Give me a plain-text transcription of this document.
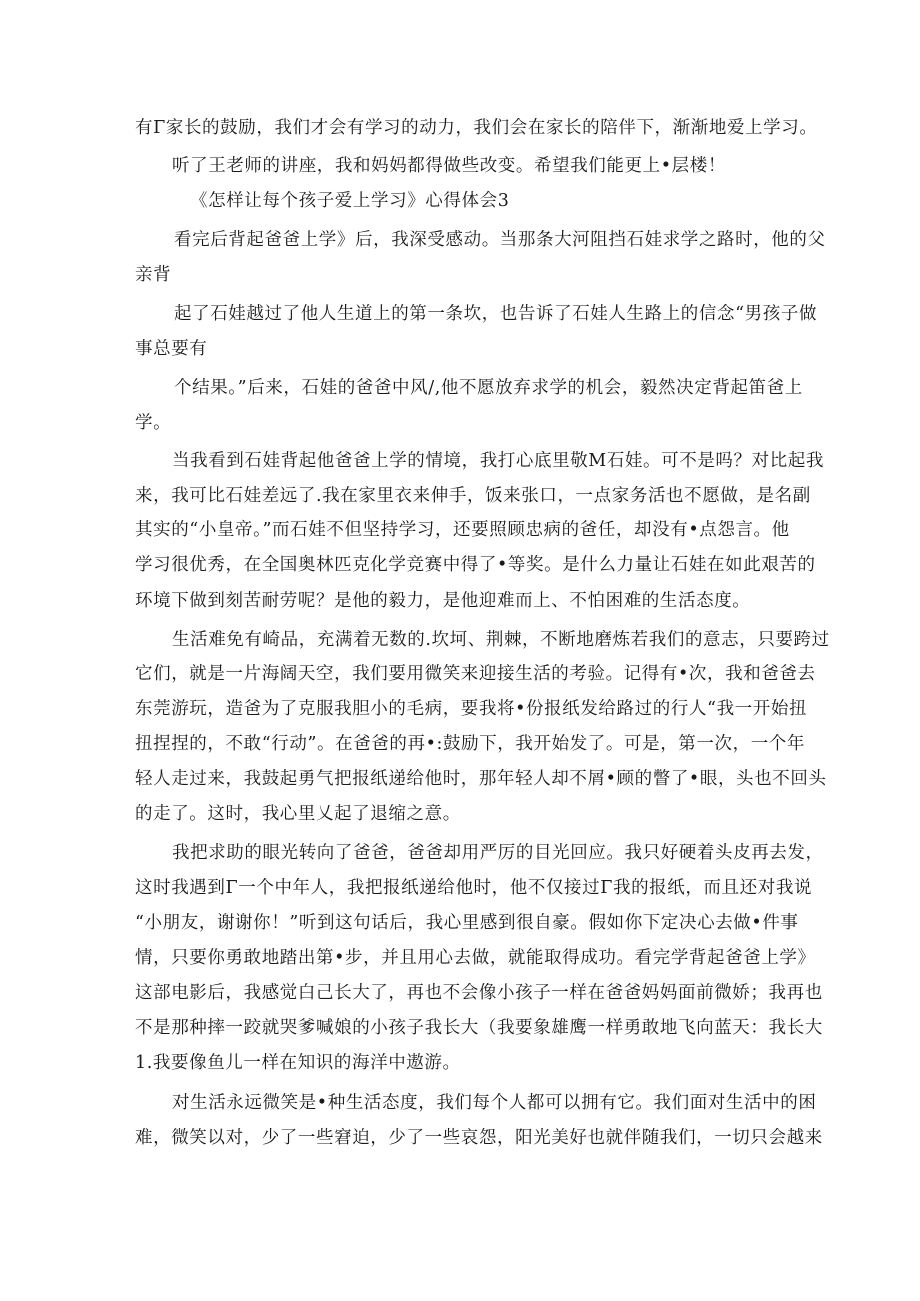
有Γ家长的鼓励，我们才会有学习的动力，我们会在家长的陪伴下，渐渐地爱上学习。
听了王老师的讲座，我和妈妈都得做些改变。希望我们能更上•层楼！
《怎样让每个孩子爱上学习》心得体会3
看完后背起爸爸上学》后，我深受感动。当那条大河阻挡石娃求学之路时，他的父
亲背
起了石娃越过了他人生道上的第一条坎，也告诉了石娃人生路上的信念“男孩子做
事总要有
个结果。”后来，石娃的爸爸中风/,他不愿放弃求学的机会，毅然决定背起笛爸上
学。
当我看到石娃背起他爸爸上学的情境，我打心底里敬M石娃。可不是吗？对比起我
来，我可比石娃差远了.我在家里衣来伸手，饭来张口，一点家务活也不愿做，是名副
其实的“小皇帝。”而石娃不但坚持学习，还要照顾忠病的爸任，却没有•点怨言。他
学习很优秀，在全国奥林匹克化学竞赛中得了•等奖。是什么力量让石娃在如此艰苦的
环境下做到刻苦耐劳呢？是他的毅力，是他迎难而上、不怕困难的生活态度。
生活难免有崎品，充满着无数的.坎坷、荆棘，不断地磨炼若我们的意志，只要跨过
它们，就是一片海阔天空，我们要用微笑来迎接生活的考验。记得有•次，我和爸爸去
东莞游玩，造爸为了克服我胆小的毛病，要我将•份报纸发给路过的行人“我一开始扭
扭捏捏的，不敢“行动”。在爸爸的再•:鼓励下，我开始发了。可是，第一次，一个年
轻人走过来，我鼓起勇气把报纸递给他时，那年轻人却不屑•顾的瞥了•眼，头也不回头
的走了。这时，我心里乂起了退缩之意。
我把求助的眼光转向了爸爸，爸爸却用严厉的目光回应。我只好硬着头皮再去发，
这时我遇到Γ一个中年人，我把报纸递给他时，他不仅接过Γ我的报纸，而且还对我说
“小朋友，谢谢你！”听到这句话后，我心里感到很自豪。假如你下定决心去做•件事
情，只要你勇敢地踏出第•步，并且用心去做，就能取得成功。看完学背起爸爸上学》
这部电影后，我感觉白己长大了，再也不会像小孩子一样在爸爸妈妈面前微娇；我再也
不是那种摔一跤就哭爹喊娘的小孩子我长大（我要象雄鹰一样勇敢地飞向蓝天：我长大
1.我要像鱼儿一样在知识的海洋中遨游。
对生活永远微笑是•种生活态度，我们每个人都可以拥有它。我们面对生活中的困
难，微笑以对，少了一些窘迫，少了一些哀怨，阳光美好也就伴随我们，一切只会越来
